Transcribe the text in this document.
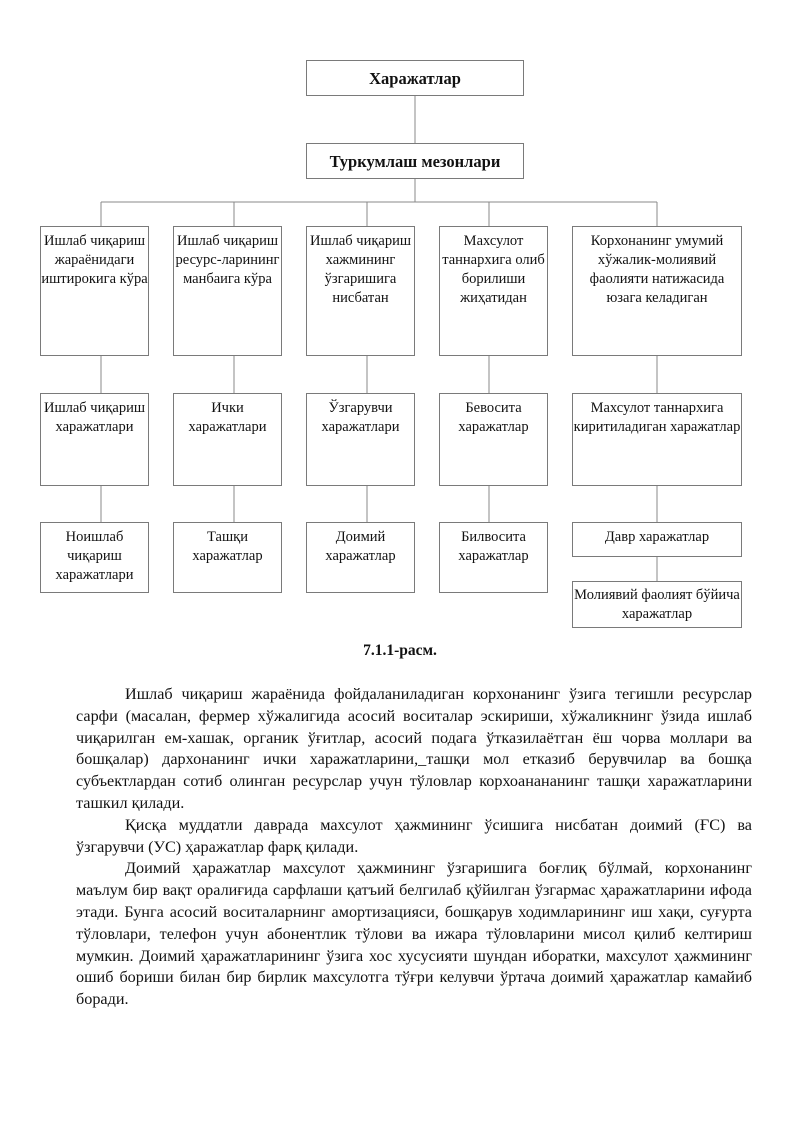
Харажатлар
Туркумлаш мезонлари
Ишлаб чиқариш жараёнидаги иштирокига кўра
Ишлаб чиқариш ресурс-ларининг манбаига кўра
Ишлаб чиқариш хажмининг ўзгаришига нисбатан
Махсулот таннархига олиб борилиши жиҳатидан
Корхонанинг умумий хўжалик-молиявий фаолияти натижасида юзага келадиган
Ишлаб чиқариш харажатлари
Ички харажатлари
Ўзгарувчи харажатлари
Бевосита харажатлар
Махсулот таннархига киритиладиган харажатлар
Ноишлаб чиқариш харажатлари
Ташқи харажатлар
Доимий харажатлар
Билвосита харажатлар
Давр харажатлар
Молиявий фаолият бўйича харажатлар
7.1.1-расм.

Ишлаб чиқариш жараёнида фойдаланиладиган корхонанинг ўзига тегишли ресурслар сарфи (масалан, фермер хўжалигида асосий воситалар эскириши, хўжаликнинг ўзида ишлаб чиқарилган ем-хашак, органик ўғитлар, асосий подага ўтказилаётган ёш чорва моллари ва бошқалар) дархонанинг ички харажатларини,_ташқи мол етказиб берувчилар ва бошқа субъектлардан сотиб олинган ресурслар учун тўловлар корхоанананинг ташқи харажатларини ташкил қилади.

Қисқа муддатли даврада махсулот ҳажмининг ўсишига нисбатан доимий (ҒС) ва ўзгарувчи (УС) ҳаражатлар фарқ қилади.

Доимий ҳаражатлар махсулот ҳажмининг ўзгаришига боғлиқ бўлмай, корхонанинг маълум бир вақт оралиғида сарфлаши қатъий белгилаб қўйилган ўзгармас ҳаражатларини ифода этади. Бунга асосий воситаларнинг амортизацияси, бошқарув ходимларининг иш хақи, суғурта тўловлари, телефон учун абонентлик тўлови ва ижара тўловларини мисол қилиб келтириш мумкин. Доимий ҳаражатларининг ўзига хос хусусияти шундан иборатки, махсулот ҳажмининг ошиб бориши билан бир бирлик махсулотга тўғри келувчи ўртача доимий ҳаражатлар камайиб боради.
